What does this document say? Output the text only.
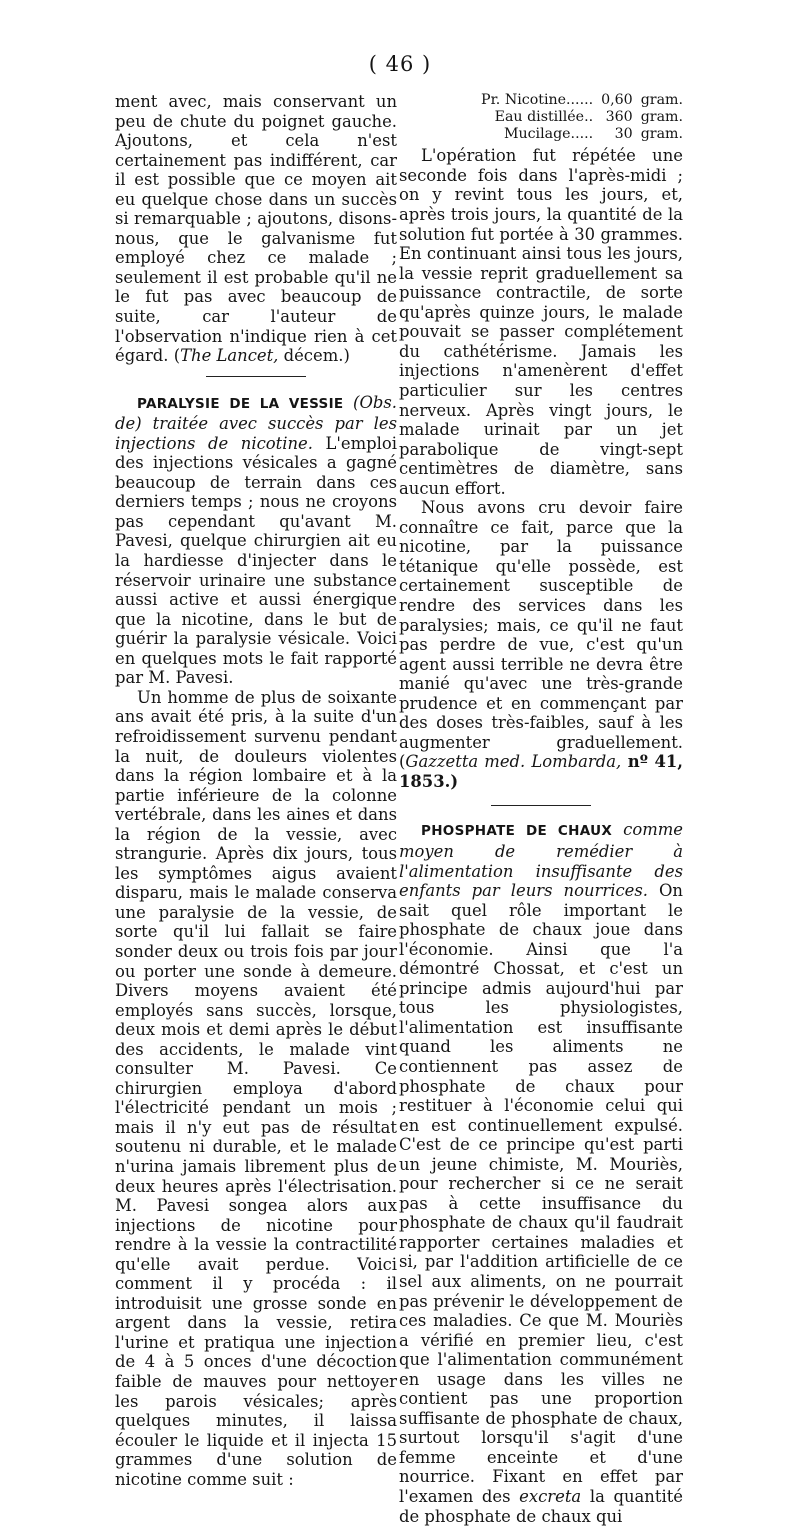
( 46 )

ment avec, mais conservant un peu de chute du poignet gauche. Ajoutons, et cela n'est certainement pas indifférent, car il est possible que ce moyen ait eu quelque chose dans un succès si remarquable ; ajoutons, disons-nous, que le galvanisme fut employé chez ce malade ; seulement il est probable qu'il ne le fut pas avec beaucoup de suite, car l'auteur de l'observation n'indique rien à cet égard. (The Lancet, décem.)

PARALYSIE DE LA VESSIE (Obs. de) traitée avec succès par les injections de nicotine. L'emploi des injections vésicales a gagné beaucoup de terrain dans ces derniers temps ; nous ne croyons pas cependant qu'avant M. Pavesi, quelque chirurgien ait eu la hardiesse d'injecter dans le réservoir urinaire une substance aussi active et aussi énergique que la nicotine, dans le but de guérir la paralysie vésicale. Voici en quelques mots le fait rapporté par M. Pavesi.

Un homme de plus de soixante ans avait été pris, à la suite d'un refroidissement survenu pendant la nuit, de douleurs violentes dans la région lombaire et à la partie inférieure de la colonne vertébrale, dans les aines et dans la région de la vessie, avec strangurie. Après dix jours, tous les symptômes aigus avaient disparu, mais le malade conserva une paralysie de la vessie, de sorte qu'il lui fallait se faire sonder deux ou trois fois par jour ou porter une sonde à demeure. Divers moyens avaient été employés sans succès, lorsque, deux mois et demi après le début des accidents, le malade vint consulter M. Pavesi. Ce chirurgien employa d'abord l'électricité pendant un mois ; mais il n'y eut pas de résultat soutenu ni durable, et le malade n'urina jamais librement plus de deux heures après l'électrisation. M. Pavesi songea alors aux injections de nicotine pour rendre à la vessie la contractilité qu'elle avait perdue. Voici comment il y procéda : il introduisit une grosse sonde en argent dans la vessie, retira l'urine et pratiqua une injection de 4 à 5 onces d'une décoction faible de mauves pour nettoyer les parois vésicales; après quelques minutes, il laissa écouler le liquide et il injecta 15 grammes d'une solution de nicotine comme suit :

Pr. Nicotine...... 0,60 gram.
Eau distillée.. 360 gram.
Mucilage.....	30 gram.

L'opération fut répétée une seconde fois dans l'après-midi ; on y revint tous les jours, et, après trois jours, la quantité de la solution fut portée à 30 grammes. En continuant ainsi tous les jours, la vessie reprit graduellement sa puissance contractile, de sorte qu'après quinze jours, le malade pouvait se passer complétement du cathétérisme. Jamais les injections n'amenèrent d'effet particulier sur les centres nerveux. Après vingt jours, le malade urinait par un jet parabolique de vingt-sept centimètres de diamètre, sans aucun effort.

Nous avons cru devoir faire connaître ce fait, parce que la nicotine, par la puissance tétanique qu'elle possède, est certainement susceptible de rendre des services dans les paralysies; mais, ce qu'il ne faut pas perdre de vue, c'est qu'un agent aussi terrible ne devra être manié qu'avec une très-grande prudence et en commençant par des doses très-faibles, sauf à les augmenter graduellement. (Gazzetta med. Lombarda, nº 41, 1853.)

PHOSPHATE DE CHAUX comme moyen de remédier à l'alimentation insuffisante des enfants par leurs nourrices. On sait quel rôle important le phosphate de chaux joue dans l'économie. Ainsi que l'a démontré Chossat, et c'est un principe admis aujourd'hui par tous les physiologistes, l'alimentation est insuffisante quand les aliments ne contiennent pas assez de phosphate de chaux pour restituer à l'économie celui qui en est continuellement expulsé. C'est de ce principe qu'est parti un jeune chimiste, M. Mouriès, pour rechercher si ce ne serait pas à cette insuffisance du phosphate de chaux qu'il faudrait rapporter certaines maladies et si, par l'addition artificielle de ce sel aux aliments, on ne pourrait pas prévenir le développement de ces maladies. Ce que M. Mouriès a vérifié en premier lieu, c'est que l'alimentation communément en usage dans les villes ne contient pas une proportion suffisante de phosphate de chaux, surtout lorsqu'il s'agit d'une femme enceinte et d'une nourrice. Fixant en effet par l'examen des excreta la quantité de phosphate de chaux qui
